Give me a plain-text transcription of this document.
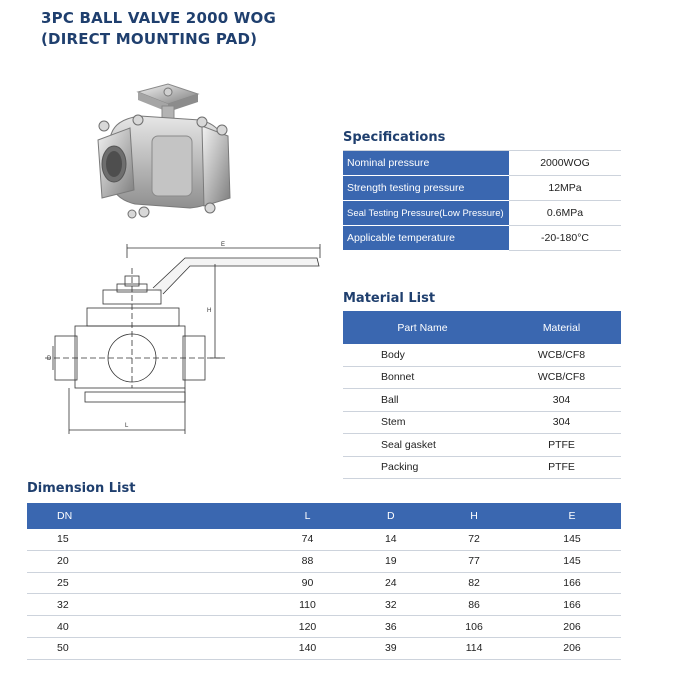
3PC BALL VALVE 2000 WOG
(DIRECT MOUNTING PAD)
E
H
D
L
Specifications
Nominal pressure	2000WOG
Strength testing pressure	12MPa
Seal Testing Pressure(Low Pressure)	0.6MPa
Applicable temperature	-20-180°C
Material List
Part Name	Material
Body	WCB/CF8
Bonnet	WCB/CF8
Ball	304
Stem	304
Seal gasket	PTFE
Packing	PTFE
Dimension List
DN	L	D	H	E
15	74	14	72	145
20	88	19	77	145
25	90	24	82	166
32	110	32	86	166
40	120	36	106	206
50	140	39	114	206
